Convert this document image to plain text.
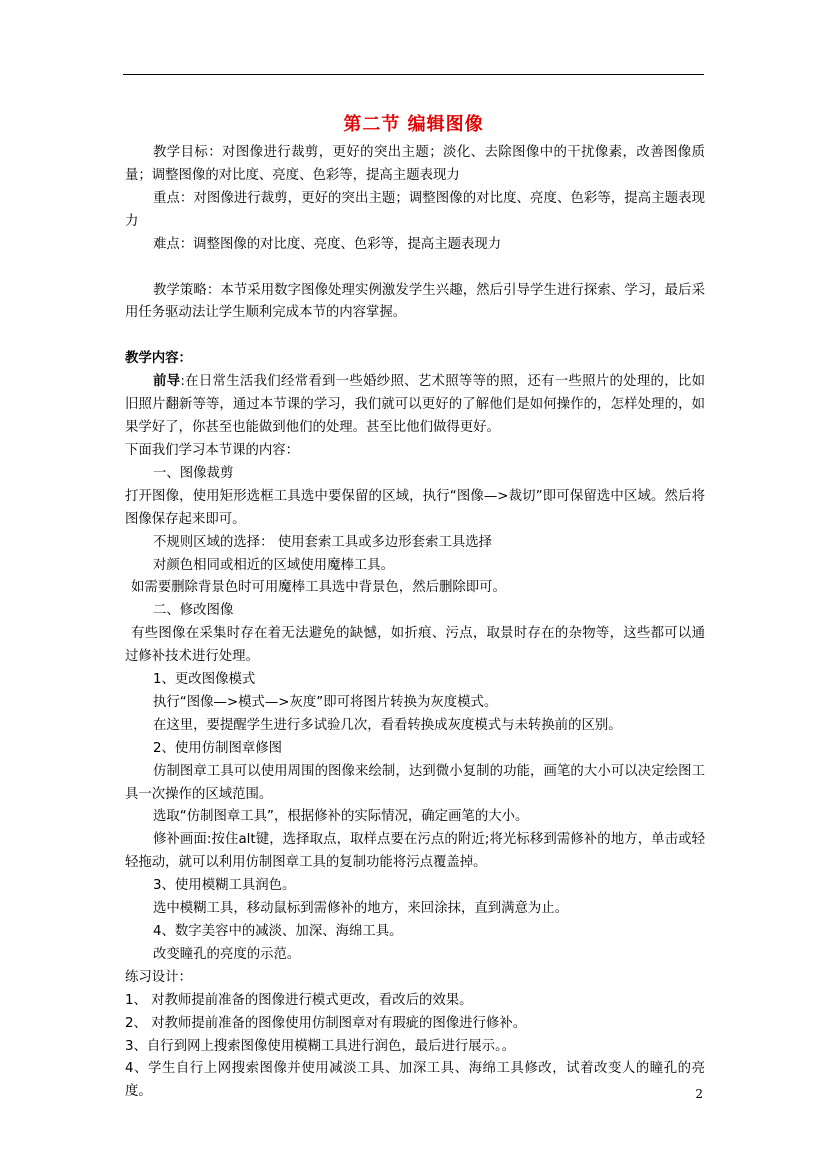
第二节 编辑图像

教学目标：对图像进行裁剪，更好的突出主题；淡化、去除图像中的干扰像素，改善图像质量；调整图像的对比度、亮度、色彩等，提高主题表现力

重点：对图像进行裁剪，更好的突出主题；调整图像的对比度、亮度、色彩等，提高主题表现力

难点：调整图像的对比度、亮度、色彩等，提高主题表现力

教学策略：本节采用数字图像处理实例激发学生兴趣，然后引导学生进行探索、学习，最后采用任务驱动法让学生顺利完成本节的内容掌握。

教学内容：

前导:在日常生活我们经常看到一些婚纱照、艺术照等等的照，还有一些照片的处理的，比如旧照片翻新等等，通过本节课的学习，我们就可以更好的了解他们是如何操作的，怎样处理的，如果学好了，你甚至也能做到他们的处理。甚至比他们做得更好。

下面我们学习本节课的内容：

一、图像裁剪

打开图像，使用矩形选框工具选中要保留的区域，执行“图像—>裁切”即可保留选中区域。然后将图像保存起来即可。

不规则区域的选择： 使用套索工具或多边形套索工具选择

对颜色相同或相近的区域使用魔棒工具。

如需要删除背景色时可用魔棒工具选中背景色，然后删除即可。

二、修改图像

有些图像在采集时存在着无法避免的缺憾，如折痕、污点，取景时存在的杂物等，这些都可以通过修补技术进行处理。

1、更改图像模式

执行“图像—>模式—>灰度”即可将图片转换为灰度模式。

在这里，要提醒学生进行多试验几次，看看转换成灰度模式与未转换前的区别。

2、使用仿制图章修图

仿制图章工具可以使用周围的图像来绘制，达到微小复制的功能，画笔的大小可以决定绘图工具一次操作的区域范围。

选取“仿制图章工具”，根据修补的实际情况，确定画笔的大小。

修补画面:按住alt键，选择取点，取样点要在污点的附近;将光标移到需修补的地方，单击或轻轻拖动，就可以利用仿制图章工具的复制功能将污点覆盖掉。

3、使用模糊工具润色。

选中模糊工具，移动鼠标到需修补的地方，来回涂抹，直到满意为止。

4、数字美容中的减淡、加深、海绵工具。

改变瞳孔的亮度的示范。

练习设计：

1、 对教师提前准备的图像进行模式更改，看改后的效果。

2、 对教师提前准备的图像使用仿制图章对有瑕疵的图像进行修补。

3、自行到网上搜索图像使用模糊工具进行润色，最后进行展示。。

4、学生自行上网搜索图像并使用减淡工具、加深工具、海绵工具修改，试着改变人的瞳孔的亮度。	2
